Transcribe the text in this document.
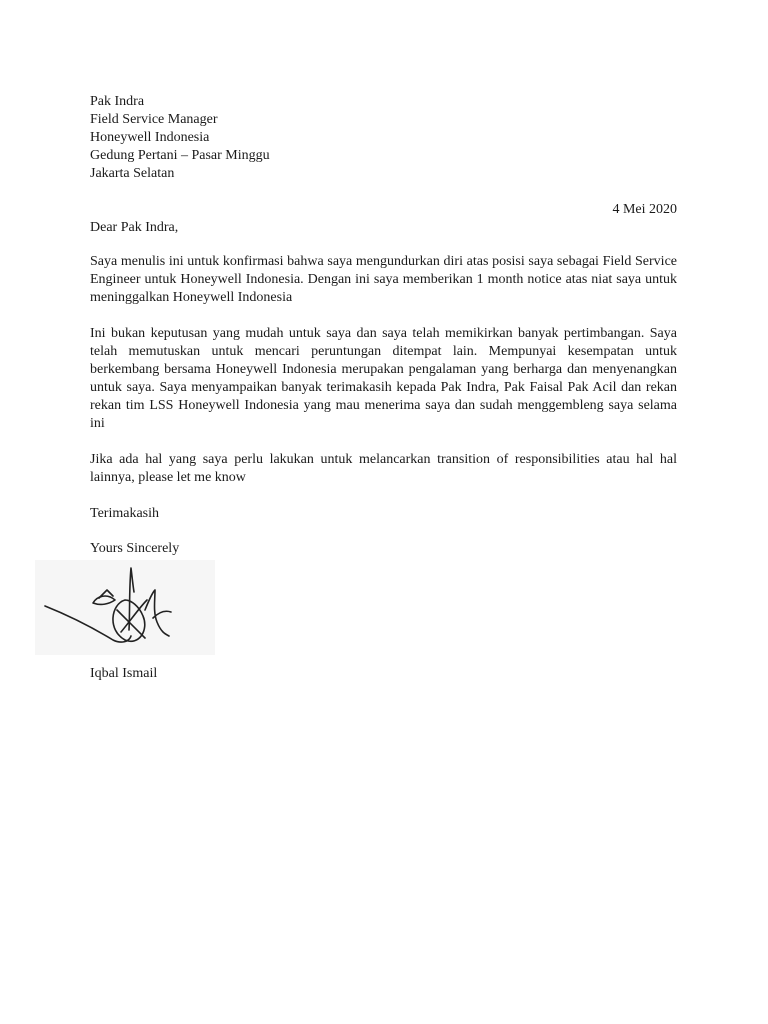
Pak Indra
Field Service Manager
Honeywell Indonesia
Gedung Pertani – Pasar Minggu
Jakarta Selatan
4 Mei 2020
Dear Pak Indra,
Saya menulis ini untuk konfirmasi bahwa saya mengundurkan diri atas posisi saya sebagai Field Service Engineer untuk Honeywell Indonesia. Dengan ini saya memberikan 1 month notice atas niat saya untuk meninggalkan Honeywell Indonesia
Ini bukan keputusan yang mudah untuk saya dan saya telah memikirkan banyak pertimbangan. Saya telah memutuskan untuk mencari peruntungan ditempat lain. Mempunyai kesempatan untuk berkembang bersama Honeywell Indonesia merupakan pengalaman yang berharga dan menyenangkan untuk saya. Saya menyampaikan banyak terimakasih kepada Pak Indra, Pak Faisal Pak Acil dan rekan rekan tim LSS Honeywell Indonesia yang mau menerima saya dan sudah menggembleng saya selama ini
Jika ada hal yang saya perlu lakukan untuk melancarkan transition of responsibilities atau hal hal lainnya, please let me know
Terimakasih
Yours Sincerely
Iqbal Ismail
